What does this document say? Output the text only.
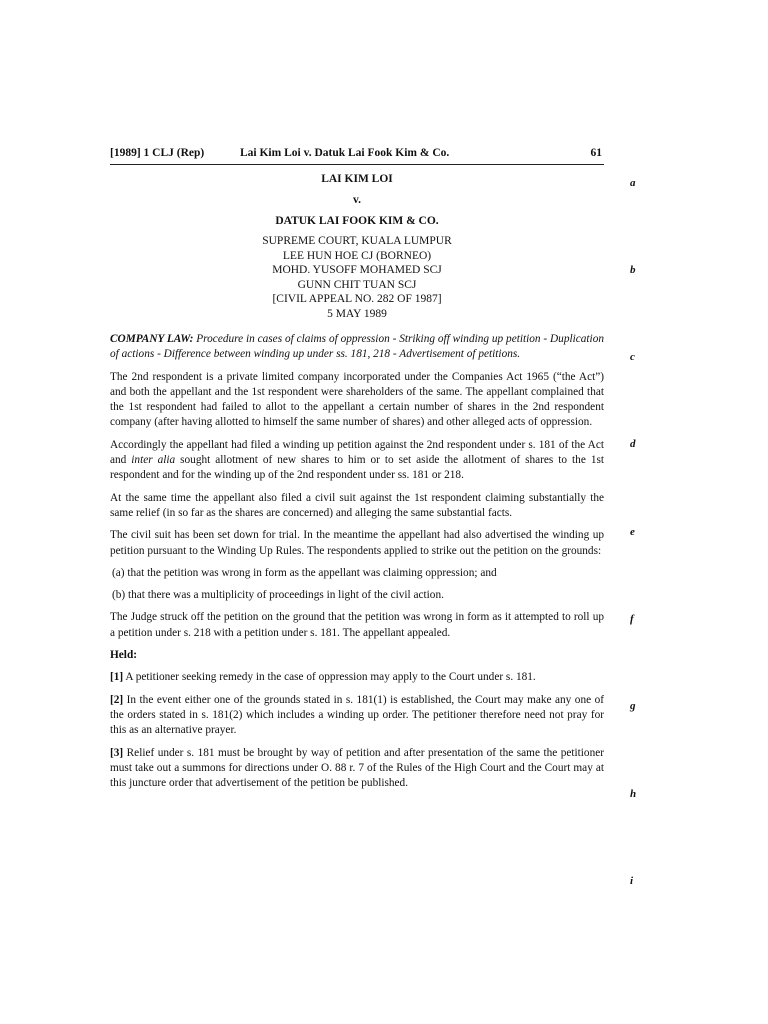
[1989] 1 CLJ (Rep)	Lai Kim Loi v. Datuk Lai Fook Kim & Co.	61
LAI KIM LOI
v.
DATUK LAI FOOK KIM & CO.
SUPREME COURT, KUALA LUMPUR
LEE HUN HOE CJ (BORNEO)
MOHD. YUSOFF MOHAMED SCJ
GUNN CHIT TUAN SCJ
[CIVIL APPEAL NO. 282 OF 1987]
5 MAY 1989

COMPANY LAW: Procedure in cases of claims of oppression - Striking off winding up petition - Duplication of actions - Difference between winding up under ss. 181, 218 - Advertisement of petitions.

The 2nd respondent is a private limited company incorporated under the Companies Act 1965 (“the Act”) and both the appellant and the 1st respondent were shareholders of the same. The appellant complained that the 1st respondent had failed to allot to the appellant a certain number of shares in the 2nd respondent company (after having allotted to himself the same number of shares) and other alleged acts of oppression.

Accordingly the appellant had filed a winding up petition against the 2nd respondent under s. 181 of the Act and inter alia sought allotment of new shares to him or to set aside the allotment of shares to the 1st respondent and for the winding up of the 2nd respondent under ss. 181 or 218.

At the same time the appellant also filed a civil suit against the 1st respondent claiming substantially the same relief (in so far as the shares are concerned) and alleging the same substantial facts.

The civil suit has been set down for trial. In the meantime the appellant had also advertised the winding up petition pursuant to the Winding Up Rules. The respondents applied to strike out the petition on the grounds:

(a) that the petition was wrong in form as the appellant was claiming oppression; and

(b) that there was a multiplicity of proceedings in light of the civil action.

The Judge struck off the petition on the ground that the petition was wrong in form as it attempted to roll up a petition under s. 218 with a petition under s. 181. The appellant appealed.

Held:

[1] A petitioner seeking remedy in the case of oppression may apply to the Court under s. 181.

[2] In the event either one of the grounds stated in s. 181(1) is established, the Court may make any one of the orders stated in s. 181(2) which includes a winding up order. The petitioner therefore need not pray for this as an alternative prayer.

[3] Relief under s. 181 must be brought by way of petition and after presentation of the same the petitioner must take out a summons for directions under O. 88 r. 7 of the Rules of the High Court and the Court may at this juncture order that advertisement of the petition be published.

a
b
c
d
e
f
g
h
i
